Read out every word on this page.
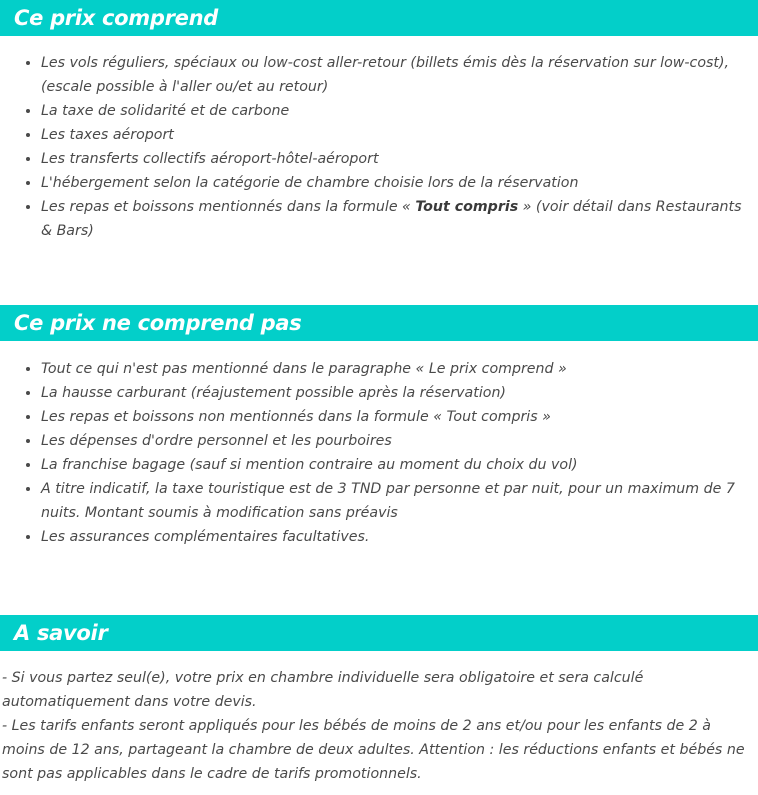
Ce prix comprend
Les vols réguliers, spéciaux ou low-cost aller-retour (billets émis dès la réservation sur low-cost), (escale possible à l'aller ou/et au retour)
La taxe de solidarité et de carbone
Les taxes aéroport
Les transferts collectifs aéroport-hôtel-aéroport
L'hébergement selon la catégorie de chambre choisie lors de la réservation
Les repas et boissons mentionnés dans la formule « Tout compris » (voir détail dans Restaurants & Bars)
Ce prix ne comprend pas
Tout ce qui n'est pas mentionné dans le paragraphe « Le prix comprend »
La hausse carburant (réajustement possible après la réservation)
Les repas et boissons non mentionnés dans la formule « Tout compris »
Les dépenses d'ordre personnel et les pourboires
La franchise bagage (sauf si mention contraire au moment du choix du vol)
A titre indicatif, la taxe touristique est de 3 TND par personne et par nuit, pour un maximum de 7 nuits. Montant soumis à modification sans préavis
Les assurances complémentaires facultatives.
A savoir

- Si vous partez seul(e), votre prix en chambre individuelle sera obligatoire et sera calculé automatiquement dans votre devis.

- Les tarifs enfants seront appliqués pour les bébés de moins de 2 ans et/ou pour les enfants de 2 à moins de 12 ans, partageant la chambre de deux adultes. Attention : les réductions enfants et bébés ne sont pas applicables dans le cadre de tarifs promotionnels.
